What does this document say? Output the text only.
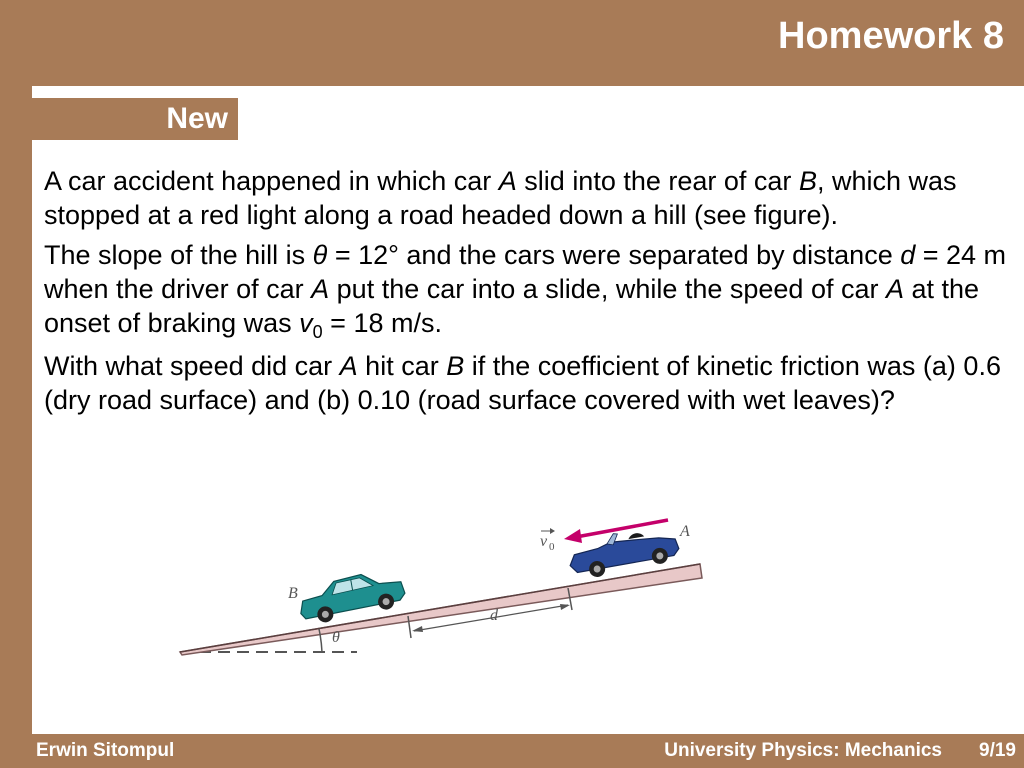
Homework 8
New

A car accident happened in which car A slid into the rear of car B, which was stopped at a red light along a road headed down a hill (see figure).

The slope of the hill is θ = 12° and the cars were separated by distance d = 24 m when the driver of car A put the car into a slide, while the speed of car A at the onset of braking was $v_0 = 18$ m/s.

With what speed did car A hit car B if the coefficient of kinetic friction was (a) 0.6 (dry road surface) and (b) 0.10 (road surface covered with wet leaves)?

θ
d
B
A
v 0
Erwin Sitompul	University Physics: Mechanics 9/19
